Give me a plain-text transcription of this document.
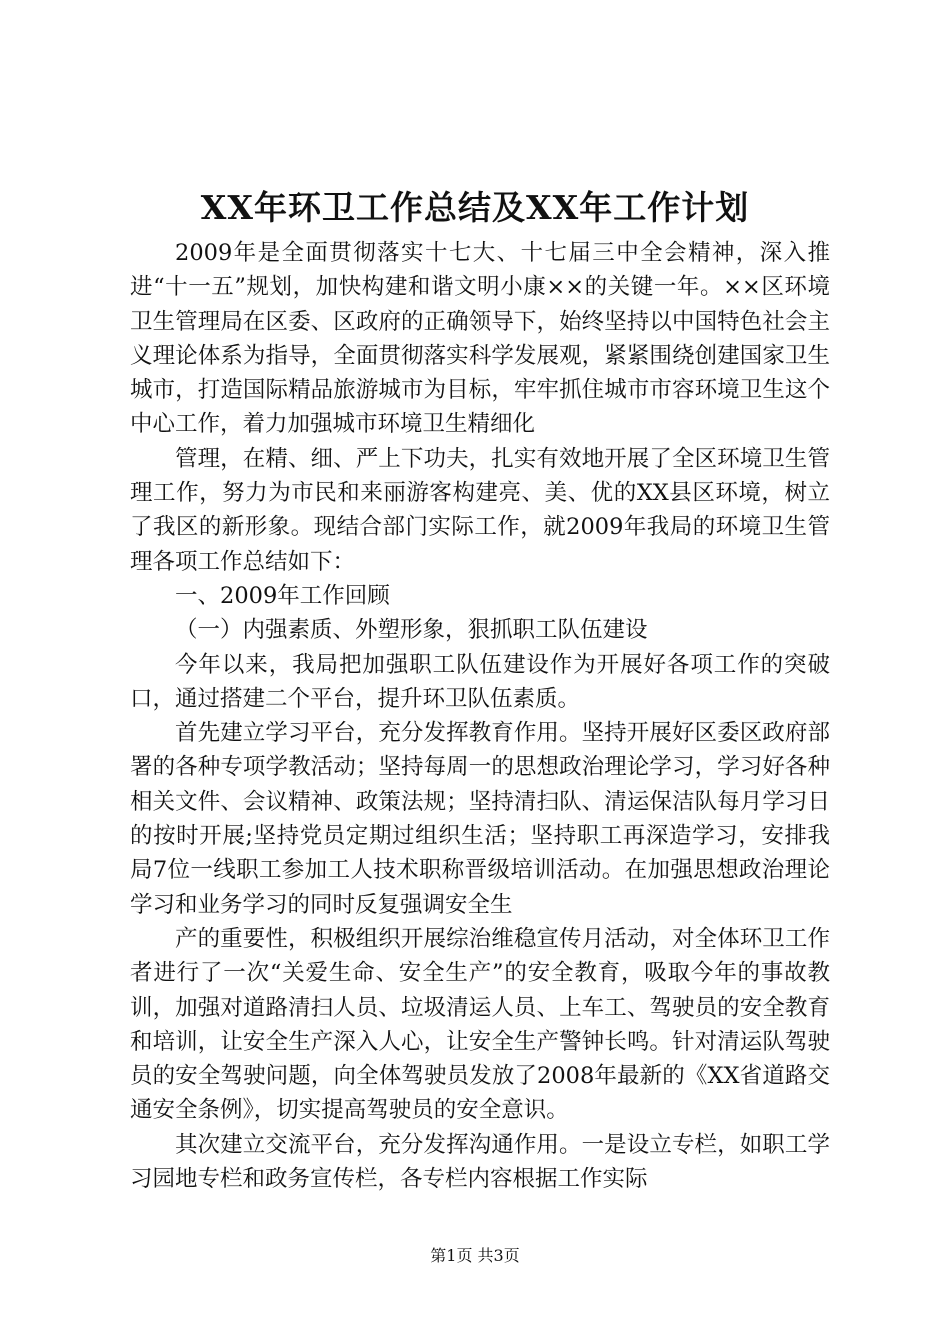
XX年环卫工作总结及XX年工作计划

2009年是全面贯彻落实十七大、十七届三中全会精神，深入推进“十一五”规划，加快构建和谐文明小康××的关键一年。××区环境卫生管理局在区委、区政府的正确领导下，始终坚持以中国特色社会主义理论体系为指导，全面贯彻落实科学发展观，紧紧围绕创建国家卫生城市，打造国际精品旅游城市为目标，牢牢抓住城市市容环境卫生这个中心工作，着力加强城市环境卫生精细化

管理，在精、细、严上下功夫，扎实有效地开展了全区环境卫生管理工作，努力为市民和来丽游客构建亮、美、优的XX县区环境，树立了我区的新形象。现结合部门实际工作，就2009年我局的环境卫生管理各项工作总结如下：

一、2009年工作回顾

（一）内强素质、外塑形象，狠抓职工队伍建设

今年以来，我局把加强职工队伍建设作为开展好各项工作的突破口，通过搭建二个平台，提升环卫队伍素质。

首先建立学习平台，充分发挥教育作用。坚持开展好区委区政府部署的各种专项学教活动；坚持每周一的思想政治理论学习，学习好各种相关文件、会议精神、政策法规；坚持清扫队、清运保洁队每月学习日的按时开展;坚持党员定期过组织生活；坚持职工再深造学习，安排我局7位一线职工参加工人技术职称晋级培训活动。在加强思想政治理论学习和业务学习的同时反复强调安全生

产的重要性，积极组织开展综治维稳宣传月活动，对全体环卫工作者进行了一次“关爱生命、安全生产”的安全教育，吸取今年的事故教训，加强对道路清扫人员、垃圾清运人员、上车工、驾驶员的安全教育和培训，让安全生产深入人心，让安全生产警钟长鸣。针对清运队驾驶员的安全驾驶问题，向全体驾驶员发放了2008年最新的《XX省道路交通安全条例》，切实提高驾驶员的安全意识。

其次建立交流平台，充分发挥沟通作用。一是设立专栏，如职工学习园地专栏和政务宣传栏，各专栏内容根据工作实际

第1页 共3页
